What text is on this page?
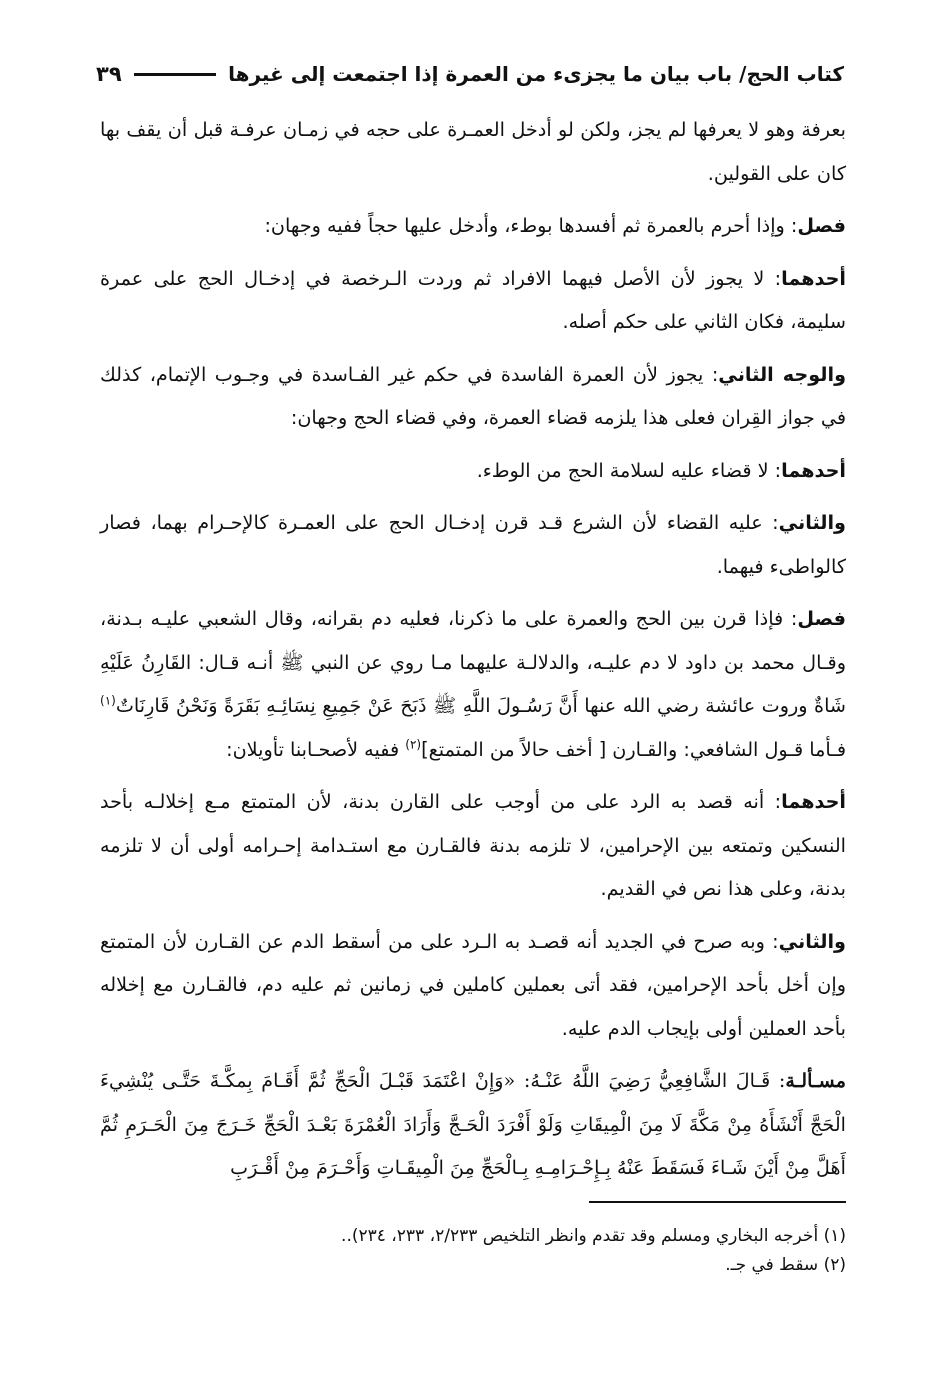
كتاب الحج/ باب بيان ما يجزىء من العمرة إذا اجتمعت إلى غيرها
٣٩

بعرفة وهو لا يعرفها لم يجز، ولكن لو أدخل العمـرة على حجه في زمـان عرفـة قبل أن يقف بها كان على القولين.

فصل: وإذا أحرم بالعمرة ثم أفسدها بوطء، وأدخل عليها حجاً ففيه وجهان:

أحدهما: لا يجوز لأن الأصل فيهما الافراد ثم وردت الـرخصة في إدخـال الحج على عمرة سليمة، فكان الثاني على حكم أصله.

والوجه الثاني: يجوز لأن العمرة الفاسدة في حكم غير الفـاسدة في وجـوب الإتمام، كذلك في جواز القِران فعلى هذا يلزمه قضاء العمرة، وفي قضاء الحج وجهان:

أحدهما: لا قضاء عليه لسلامة الحج من الوطء.

والثاني: عليه القضاء لأن الشرع قـد قرن إدخـال الحج على العمـرة كالإحـرام بهما، فصار كالواطىء فيهما.

فصل: فإذا قرن بين الحج والعمرة على ما ذكرنا، فعليه دم بقرانه، وقال الشعبي عليـه بـدنة، وقـال محمد بن داود لا دم عليـه، والدلالـة عليهما مـا روي عن النبي ﷺ أنـه قـال: القَارِنُ عَلَيْهِ شَاةٌ وروت عائشة رضي الله عنها أَنَّ رَسُـولَ اللَّهِ ﷺ ذَبَحَ عَنْ جَمِيعِ نِسَائِـهِ بَقَرَةً وَنَحْنُ قَارِنَاتٌ$^{(١)}$ فـأما قـول الشافعي: والقـارن [ أخف حالاً من المتمتع]$^{(٢)}$ ففيه لأصحـابنا تأويلان:

أحدهما: أنه قصد به الرد على من أوجب على القارن بدنة، لأن المتمتع مـع إخلالـه بأحد النسكين وتمتعه بين الإحرامين، لا تلزمه بدنة فالقـارن مع استـدامة إحـرامه أولى أن لا تلزمه بدنة، وعلى هذا نص في القديم.

والثاني: وبه صرح في الجديد أنه قصـد به الـرد على من أسقط الدم عن القـارن لأن المتمتع وإن أخل بأحد الإحرامين، فقد أتى بعملين كاملين في زمانين ثم عليه دم، فالقـارن مع إخلاله بأحد العملين أولى بإيجاب الدم عليه.

مسـألـة: قَـالَ الشَّافِعِيُّ رَضِيَ اللَّهُ عَنْـهُ: «وَإِنْ اعْتَمَدَ قَبْـلَ الْحَجِّ ثُمَّ أَقَـامَ بِمكَّـةَ حَتَّـى يُنْشِيءَ الْحَجَّ أَنْشَأَهُ مِنْ مَكَّةَ لَا مِنَ الْمِيقَاتِ وَلَوْ أَفْرَدَ الْحَـجَّ وَأَرَادَ الْعُمْرَةَ بَعْـدَ الْحَجِّ خَـرَجَ مِنَ الْحَـرَمِ ثُمَّ أَهَلَّ مِنْ أَيْنَ شَـاءَ فَسَقَطَ عَنْهُ بِـإِحْـرَامِـهِ بِـالْحَجِّ مِنَ الْمِيقَـاتِ وَأَحْـرَمَ مِنْ أَقْـرَبِ

(١) أخرجه البخاري ومسلم وقد تقدم وانظر التلخيص ٢/٢٣٣، ٢٣٣، ٢٣٤)..
(٢) سقط في جـ.
